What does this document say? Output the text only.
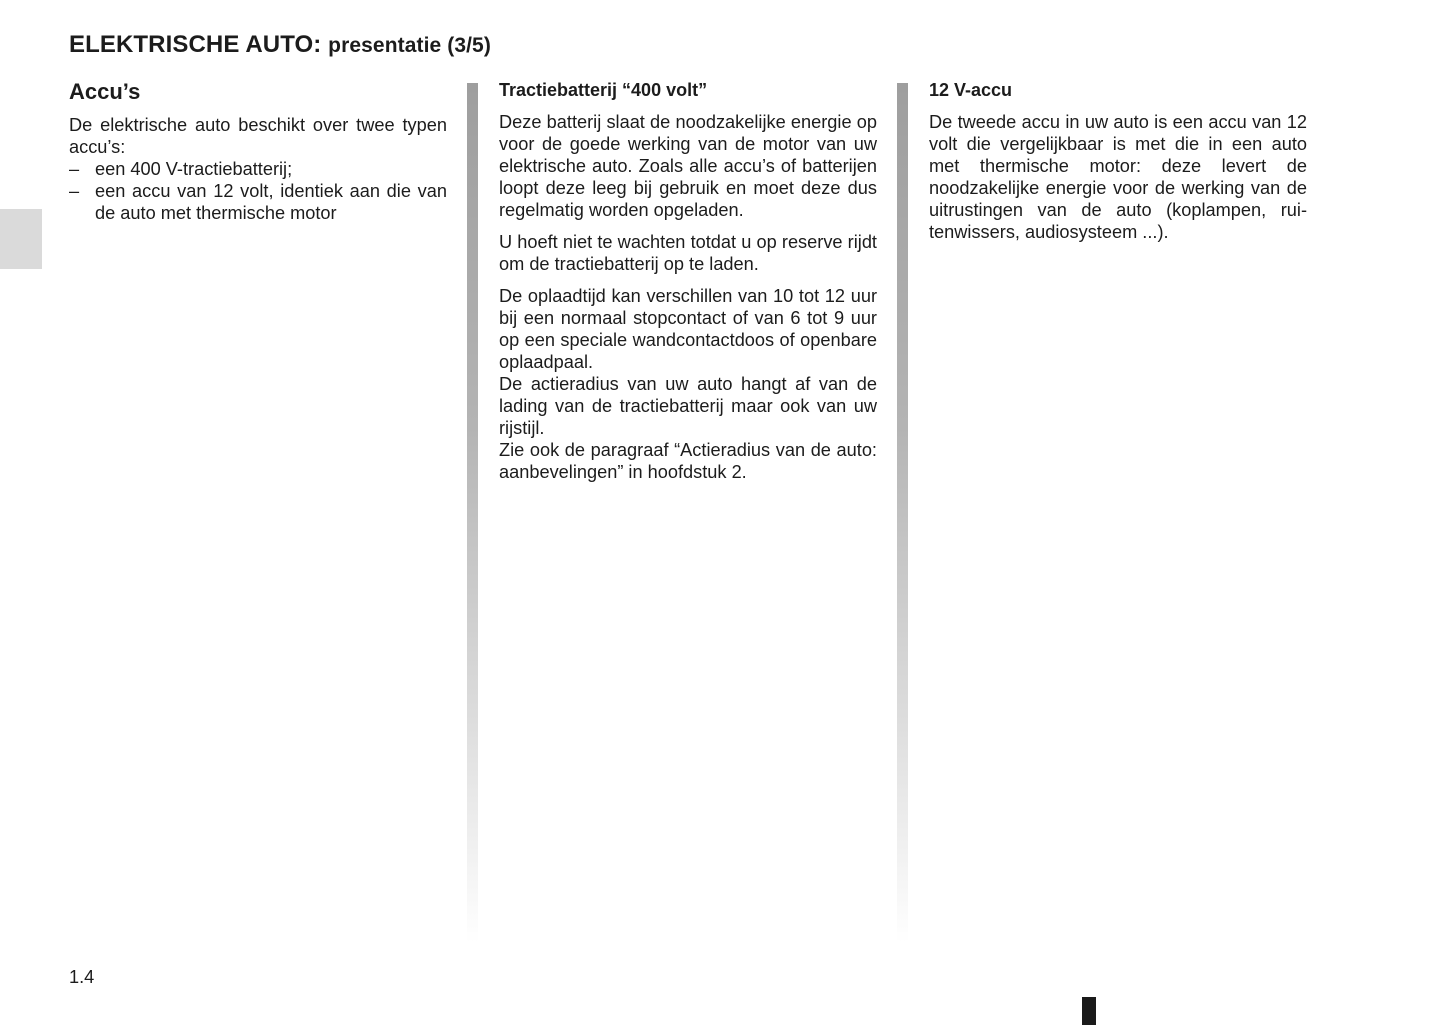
ELEKTRISCHE AUTO: presentatie (3/5)
Accu’s

De elektrische auto beschikt over twee typen accu’s:

– een 400 V-tractiebatterij;
– een accu van 12 volt, identiek aan die van de auto met thermische motor
Tractiebatterij “400 volt”

Deze batterij slaat de noodzakelijke energie op voor de goede werking van de motor van uw elektrische auto. Zoals alle accu’s of batterijen loopt deze leeg bij gebruik en moet deze dus regelmatig worden opgeladen.

U hoeft niet te wachten totdat u op reserve rijdt om de tractiebatterij op te laden.

De oplaadtijd kan verschillen van 10 tot 12 uur bij een normaal stopcontact of van 6 tot 9 uur op een speciale wandcontactdoos of openbare oplaadpaal.
De actieradius van uw auto hangt af van de lading van de tractiebatterij maar ook van uw rijstijl.
Zie ook de paragraaf “Actieradius van de auto: aanbevelingen” in hoofdstuk 2.

12 V-accu

De tweede accu in uw auto is een accu van 12 volt die vergelijkbaar is met die in een auto met thermische motor: deze levert de noodzakelijke energie voor de werking van de uitrustingen van de auto (koplampen, ruitenwissers, audiosysteem ...).

1.4
